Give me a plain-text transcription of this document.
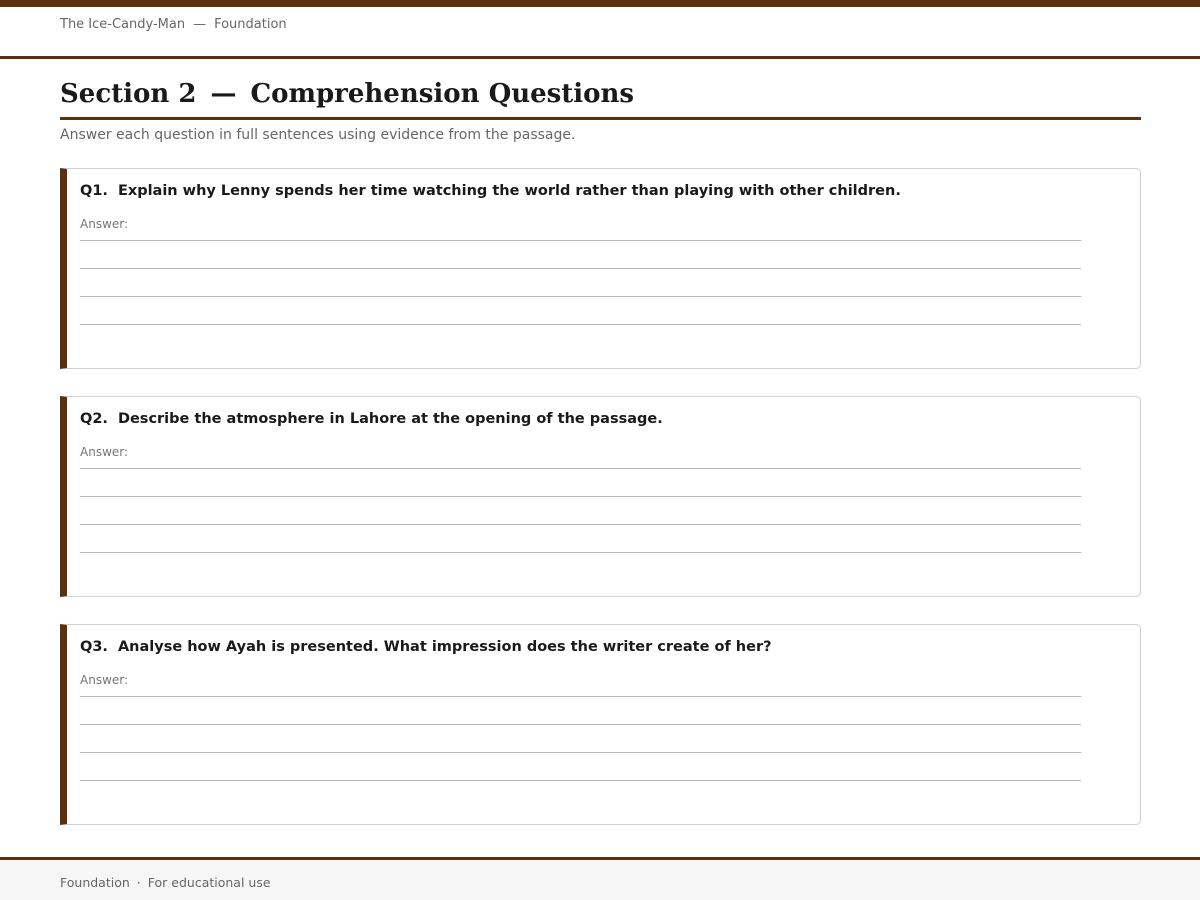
The Ice-Candy-Man — Foundation
Section 2 — Comprehension Questions

Answer each question in full sentences using evidence from the passage.

Q1. Explain why Lenny spends her time watching the world rather than playing with other children.
Answer:
Q2. Describe the atmosphere in Lahore at the opening of the passage.
Answer:
Q3. Analyse how Ayah is presented. What impression does the writer create of her?
Answer:
Foundation · For educational use
